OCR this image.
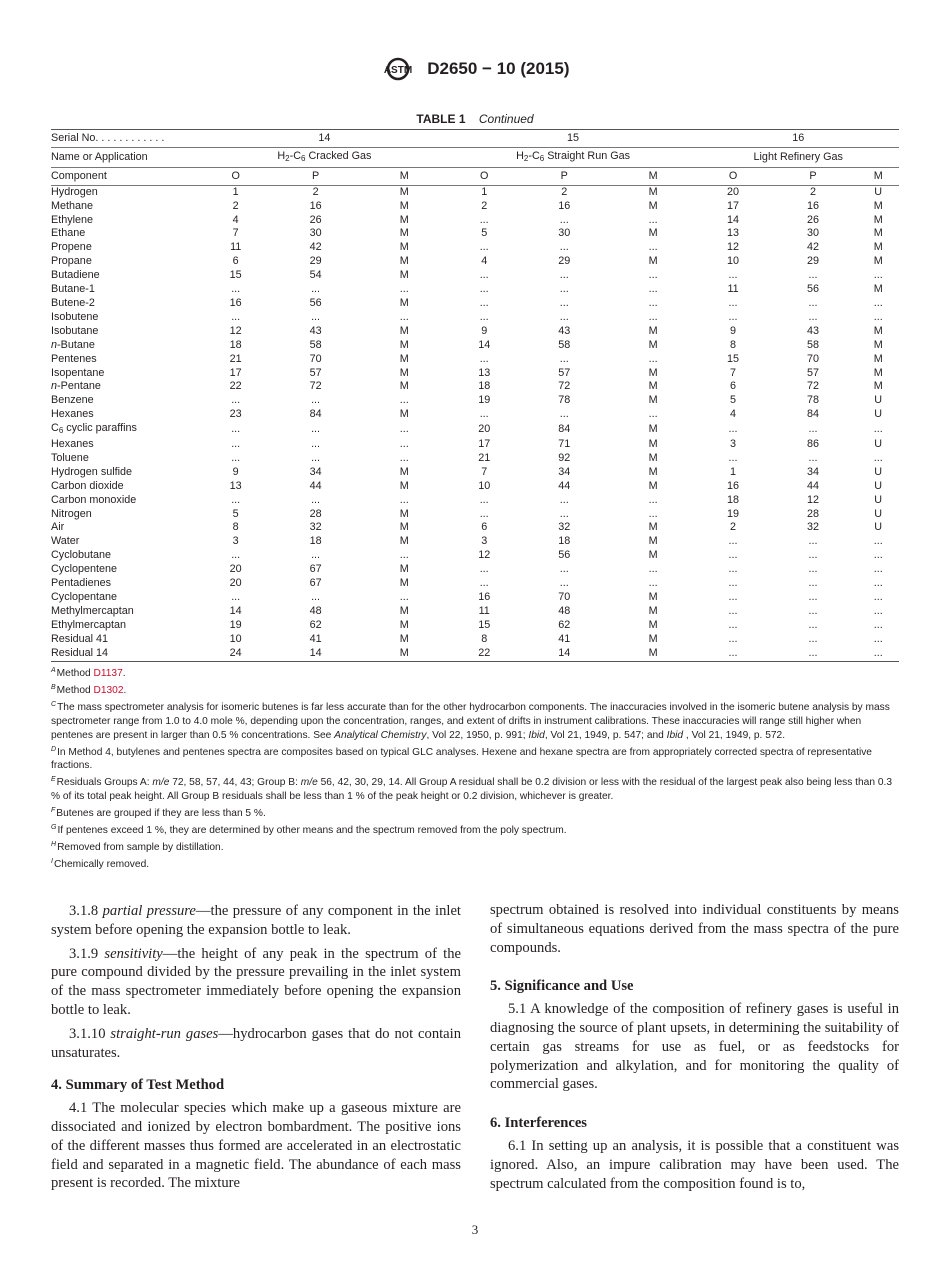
ASTM D2650 − 10 (2015)
TABLE 1 Continued
Serial No. . . . . . . . . . . .	14			15			16		
Name or Application	$H_2-C_6$ Cracked Gas			$H_2-C_6$ Straight Run Gas			Light Refinery Gas		
Component	O	P	M	O	P	M	O	P	M
Hydrogen	1	2	M	1	2	M	20	2	U
Methane	2	16	M	2	16	M	17	16	M
Ethylene	4	26	M	...	...	...	14	26	M
Ethane	7	30	M	5	30	M	13	30	M
Propene	11	42	M	...	...	...	12	42	M
Propane	6	29	M	4	29	M	10	29	M
Butadiene	15	54	M	...	...	...	...	...	...
Butane-1	...	...	...	...	...	...	11	56	M
Butene-2	16	56	M	...	...	...	...	...	...
Isobutene	...	...	...	...	...	...	...	...	...
Isobutane	12	43	M	9	43	M	9	43	M
n-Butane	18	58	M	14	58	M	8	58	M
Pentenes	21	70	M	...	...	...	15	70	M
Isopentane	17	57	M	13	57	M	7	57	M
n-Pentane	22	72	M	18	72	M	6	72	M
Benzene	...	...	...	19	78	M	5	78	U
Hexanes	23	84	M	...	...	...	4	84	U
$C_6$ cyclic paraffins	...	...	...	20	84	M	...	...	...
Hexanes	...	...	...	17	71	M	3	86	U
Toluene	...	...	...	21	92	M	...	...	...
Hydrogen sulfide	9	34	M	7	34	M	1	34	U
Carbon dioxide	13	44	M	10	44	M	16	44	U
Carbon monoxide	...	...	...	...	...	...	18	12	U
Nitrogen	5	28	M	...	...	...	19	28	U
Air	8	32	M	6	32	M	2	32	U
Water	3	18	M	3	18	M	...	...	...
Cyclobutane	...	...	...	12	56	M	...	...	...
Cyclopentene	20	67	M	...	...	...	...	...	...
Pentadienes	20	67	M	...	...	...	...	...	...
Cyclopentane	...	...	...	16	70	M	...	...	...
Methylmercaptan	14	48	M	11	48	M	...	...	...
Ethylmercaptan	19	62	M	15	62	M	...	...	...
Residual 41	10	41	M	8	41	M	...	...	...
Residual 14	24	14	M	22	14	M	...	...	...
$^A$Method D1137.
$^B$Method D1302.
$^C$The mass spectrometer analysis for isomeric butenes is far less accurate than for the other hydrocarbon components. The inaccuracies involved in the isomeric butene analysis by mass spectrometer range from 1.0 to 4.0 mole %, depending upon the concentration, ranges, and extent of drifts in instrument calibrations. These inaccuracies will range still higher when pentenes are present in larger than 0.5 % concentrations. See Analytical Chemistry, Vol 22, 1950, p. 991; Ibid, Vol 21, 1949, p. 547; and Ibid , Vol 21, 1949, p. 572.
$^D$In Method 4, butylenes and pentenes spectra are composites based on typical GLC analyses. Hexene and hexane spectra are from appropriately corrected spectra of representative fractions.
$^E$Residuals Groups A: m/e 72, 58, 57, 44, 43; Group B: m/e 56, 42, 30, 29, 14. All Group A residual shall be 0.2 division or less with the residual of the largest peak also being less than 0.3 % of its total peak height. All Group B residuals shall be less than 1 % of the peak height or 0.2 division, whichever is greater.
$^F$Butenes are grouped if they are less than 5 %.
$^G$If pentenes exceed 1 %, they are determined by other means and the spectrum removed from the poly spectrum.
$^H$Removed from sample by distillation.
$^I$Chemically removed.

3.1.8 partial pressure—the pressure of any component in the inlet system before opening the expansion bottle to leak.

3.1.9 sensitivity—the height of any peak in the spectrum of the pure compound divided by the pressure prevailing in the inlet system of the mass spectrometer immediately before opening the expansion bottle to leak.

3.1.10 straight-run gases—hydrocarbon gases that do not contain unsaturates.

4. Summary of Test Method

4.1 The molecular species which make up a gaseous mixture are dissociated and ionized by electron bombardment. The positive ions of the different masses thus formed are accelerated in an electrostatic field and separated in a magnetic field. The abundance of each mass present is recorded. The mixture

spectrum obtained is resolved into individual constituents by means of simultaneous equations derived from the mass spectra of the pure compounds.

5. Significance and Use

5.1 A knowledge of the composition of refinery gases is useful in diagnosing the source of plant upsets, in determining the suitability of certain gas streams for use as fuel, or as feedstocks for polymerization and alkylation, and for monitoring the quality of commercial gases.

6. Interferences

6.1 In setting up an analysis, it is possible that a constituent was ignored. Also, an impure calibration may have been used. The spectrum calculated from the composition found is to,

3
